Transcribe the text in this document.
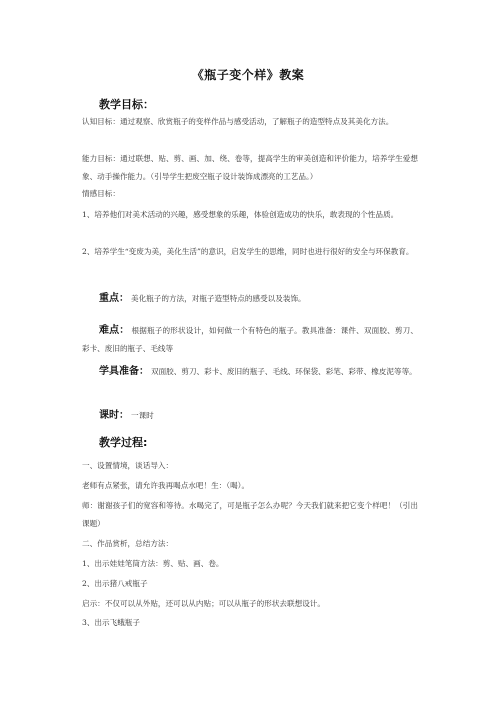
《瓶子变个样》教案
教学目标：
认知目标：通过观察、欣赏瓶子的变样作品与感受活动，了解瓶子的造型特点及其美化方法。
能力目标：通过联想、贴、剪、画、加、绕、卷等，提高学生的审美创造和评价能力，培养学生爱想象、动手操作能力。（引导学生把废空瓶子设计装饰成漂亮的工艺品。）
情感目标：
1、培养他们对美术活动的兴趣，感受想象的乐趣，体验创造成功的快乐，敢表现的个性品质。
2、培养学生“变废为美，美化生活”的意识，启发学生的思维，同时也进行很好的安全与环保教育。
重点： 美化瓶子的方法，对瓶子造型特点的感受以及装饰。
难点： 根据瓶子的形状设计，如何做一个有特色的瓶子。教具准备：课件、双面胶、剪刀、彩卡、废旧的瓶子、毛线等
学具准备： 双面胶、剪刀、彩卡、废旧的瓶子、毛线、环保袋、彩笔、彩带、橡皮泥等等。
课时： 一课时
教学过程:
一、设置情境，谈话导入：
老师有点紧张，请允许我再喝点水吧！生：（喝）。
师：谢谢孩子们的宽容和等待。水喝完了，可是瓶子怎么办呢？今天我们就来把它变个样吧！（引出课题）
二、作品赏析，总结方法：
1、出示娃娃笔筒方法：剪、贴、画、卷。
2、出示猪八戒瓶子
启示：不仅可以从外贴，还可以从内贴；可以从瓶子的形状去联想设计。
3、出示飞蛾瓶子
